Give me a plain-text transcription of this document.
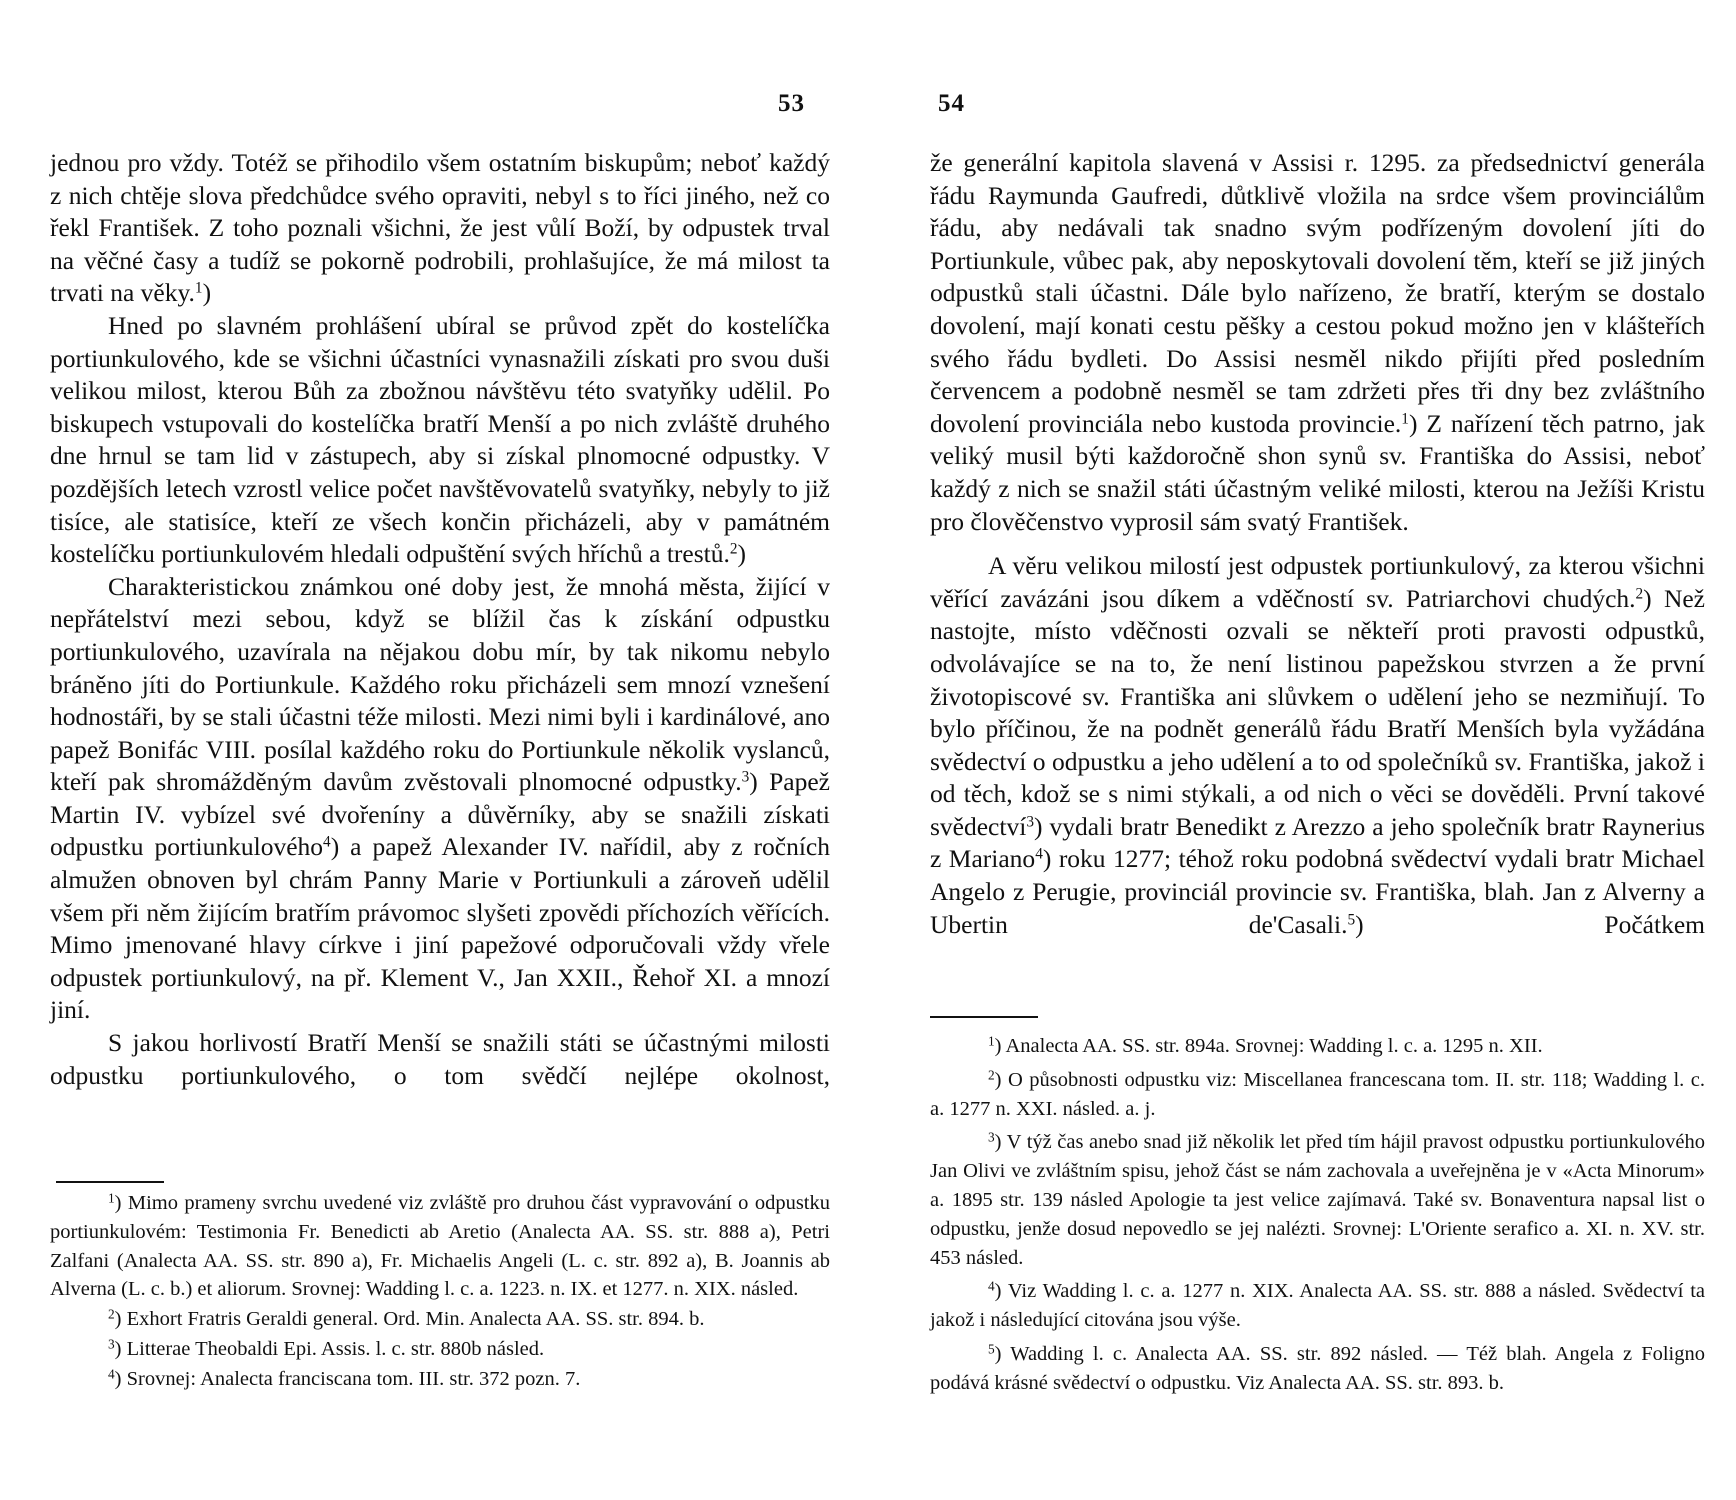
53

jednou pro vždy. Totéž se přihodilo všem ostatním biskupům; neboť každý z nich chtěje slova předchůdce svého opraviti, nebyl s to říci jiného, než co řekl František. Z toho poznali všichni, že jest vůlí Boží, by odpustek trval na věčné časy a tudíž se pokorně podrobili, prohlašujíce, že má milost ta trvati na věky.$^1$)

Hned po slavném prohlášení ubíral se průvod zpět do kostelíčka portiunkulového, kde se všichni účastníci vynasnažili získati pro svou duši velikou milost, kterou Bůh za zbožnou návštěvu této svatyňky udělil. Po biskupech vstupovali do kostelíčka bratří Menší a po nich zvláště druhého dne hrnul se tam lid v zástupech, aby si získal plnomocné odpustky. V pozdějších letech vzrostl velice počet navštěvovatelů svatyňky, nebyly to již tisíce, ale statisíce, kteří ze všech končin přicházeli, aby v památném kostelíčku portiunkulovém hledali odpuštění svých hříchů a trestů.$^2$)

Charakteristickou známkou oné doby jest, že mnohá města, žijící v nepřátelství mezi sebou, když se blížil čas k získání odpustku portiunkulového, uzavírala na nějakou dobu mír, by tak nikomu nebylo bráněno jíti do Portiunkule. Každého roku přicházeli sem mnozí vznešení hodnostáři, by se stali účastni téže milosti. Mezi nimi byli i kardinálové, ano papež Bonifác VIII. posílal každého roku do Portiunkule několik vyslanců, kteří pak shromážděným davům zvěstovali plnomocné odpustky.$^3$) Papež Martin IV. vybízel své dvořeníny a důvěrníky, aby se snažili získati odpustku portiunkulového$^4$) a papež Alexander IV. nařídil, aby z ročních almužen obnoven byl chrám Panny Marie v Portiunkuli a zároveň udělil všem při něm žijícím bratřím právomoc slyšeti zpovědi příchozích věřících. Mimo jmenované hlavy církve i jiní papežové odporučovali vždy vřele odpustek portiunkulový, na př. Klement V., Jan XXII., Řehoř XI. a mnozí jiní.

S jakou horlivostí Bratří Menší se snažili státi se účastnými milosti odpustku portiunkulového, o tom svědčí nejlépe okolnost,

$^1$) Mimo prameny svrchu uvedené viz zvláště pro druhou část vypravování o odpustku portiunkulovém: Testimonia Fr. Benedicti ab Aretio (Analecta AA. SS. str. 888 a), Petri Zalfani (Analecta AA. SS. str. 890 a), Fr. Michaelis Angeli (L. c. str. 892 a), B. Joannis ab Alverna (L. c. b.) et aliorum. Srovnej: Wadding l. c. a. 1223. n. IX. et 1277. n. XIX. násled.

$^2$) Exhort Fratris Geraldi general. Ord. Min. Analecta AA. SS. str. 894. b.

$^3$) Litterae Theobaldi Epi. Assis. l. c. str. 880b násled.

$^4$) Srovnej: Analecta franciscana tom. III. str. 372 pozn. 7.

54

že generální kapitola slavená v Assisi r. 1295. za předsednictví generála řádu Raymunda Gaufredi, důtklivě vložila na srdce všem provinciálům řádu, aby nedávali tak snadno svým podřízeným dovolení jíti do Portiunkule, vůbec pak, aby neposkytovali dovolení těm, kteří se již jiných odpustků stali účastni. Dále bylo nařízeno, že bratří, kterým se dostalo dovolení, mají konati cestu pěšky a cestou pokud možno jen v klášteřích svého řádu bydleti. Do Assisi nesměl nikdo přijíti před posledním červencem a podobně nesměl se tam zdržeti přes tři dny bez zvláštního dovolení provinciála nebo kustoda provincie.$^1$) Z nařízení těch patrno, jak veliký musil býti každoročně shon synů sv. Františka do Assisi, neboť každý z nich se snažil státi účastným veliké milosti, kterou na Ježíši Kristu pro člověčenstvo vyprosil sám svatý František.

A věru velikou milostí jest odpustek portiunkulový, za kterou všichni věřící zavázáni jsou díkem a vděčností sv. Patriarchovi chudých.$^2$) Než nastojte, místo vděčnosti ozvali se někteří proti pravosti odpustků, odvolávajíce se na to, že není listinou papežskou stvrzen a že první životopiscové sv. Františka ani slůvkem o udělení jeho se nezmiňují. To bylo příčinou, že na podnět generálů řádu Bratří Menších byla vyžádána svědectví o odpustku a jeho udělení a to od společníků sv. Františka, jakož i od těch, kdož se s nimi stýkali, a od nich o věci se dověděli. První takové svědectví$^3$) vydali bratr Benedikt z Arezzo a jeho společník bratr Raynerius z Mariano$^4$) roku 1277; téhož roku podobná svědectví vydali bratr Michael Angelo z Perugie, provinciál provincie sv. Františka, blah. Jan z Alverny a Ubertin de'Casali.$^5$) Počátkem

$^1$) Analecta AA. SS. str. 894a. Srovnej: Wadding l. c. a. 1295 n. XII.

$^2$) O působnosti odpustku viz: Miscellanea francescana tom. II. str. 118; Wadding l. c. a. 1277 n. XXI. násled. a. j.

$^3$) V týž čas anebo snad již několik let před tím hájil pravost odpustku portiunkulového Jan Olivi ve zvláštním spisu, jehož část se nám zachovala a uveřejněna je v «Acta Minorum» a. 1895 str. 139 násled Apologie ta jest velice zajímavá. Také sv. Bonaventura napsal list o odpustku, jenže dosud nepovedlo se jej nalézti. Srovnej: L'Oriente serafico a. XI. n. XV. str. 453 násled.

$^4$) Viz Wadding l. c. a. 1277 n. XIX. Analecta AA. SS. str. 888 a násled. Svědectví ta jakož i následující citována jsou výše.

$^5$) Wadding l. c. Analecta AA. SS. str. 892 násled. — Též blah. Angela z Foligno podává krásné svědectví o odpustku. Viz Analecta AA. SS. str. 893. b.
